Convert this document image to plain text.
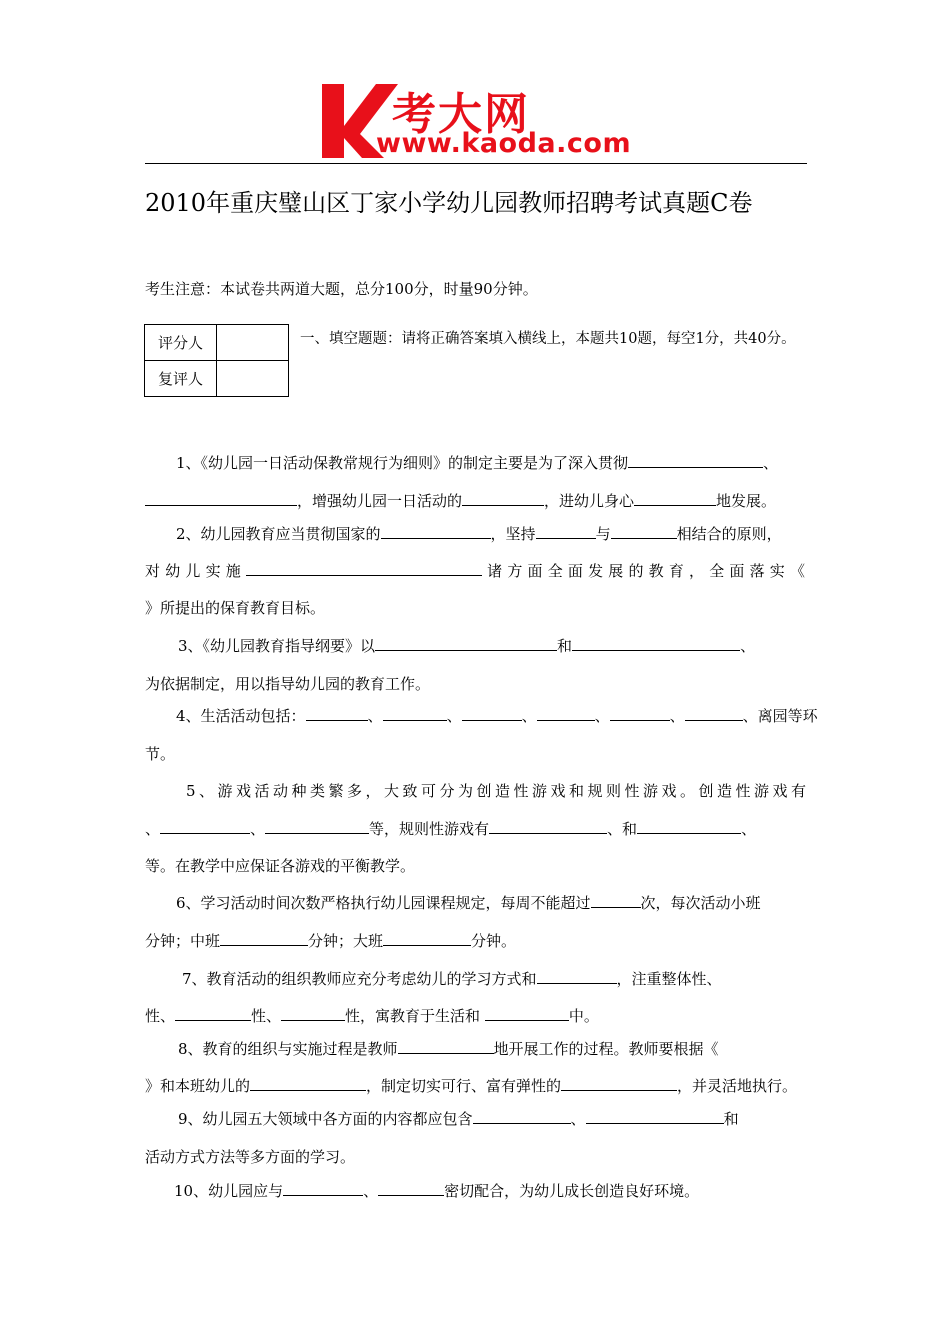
考大网
www.kaoda.com
2010年重庆璧山区丁家小学幼儿园教师招聘考试真题C卷
考生注意：本试卷共两道大题，总分100分，时量90分钟。
评分人	
复评人	
一、填空题题：请将正确答案填入横线上，本题共10题，每空1分，共40分。
1、《幼儿园一日活动保教常规行为细则》的制定主要是为了深入贯彻	、
，增强幼儿园一日活动的	，进幼儿身心	地发展。
2、幼儿园教育应当贯彻国家的	，坚持	与	相结合的原则，
对幼儿实施	诸方面全面发展的教育，全面落实《
》所提出的保育教育目标。
3、《幼儿园教育指导纲要》以	和	、
为依据制定，用以指导幼儿园的教育工作。
4、生活活动包括：	、	、	、	、	、	、离园等环
节。
5、游戏活动种类繁多，大致可分为创造性游戏和规则性游戏。创造性游戏有
、	、	等，规则性游戏有	、和	、
等。在教学中应保证各游戏的平衡教学。
6、学习活动时间次数严格执行幼儿园课程规定，每周不能超过	次，每次活动小班
分钟；中班	分钟；大班	分钟。
7、教育活动的组织教师应充分考虑幼儿的学习方式和	，注重整体性、
性、	性、	性，寓教育于生活和	中。
8、教育的组织与实施过程是教师	地开展工作的过程。教师要根据《
》和本班幼儿的	，制定切实可行、富有弹性的	，并灵活地执行。
9、幼儿园五大领域中各方面的内容都应包含	、	和
活动方式方法等多方面的学习。
10、幼儿园应与	、	密切配合，为幼儿成长创造良好环境。
